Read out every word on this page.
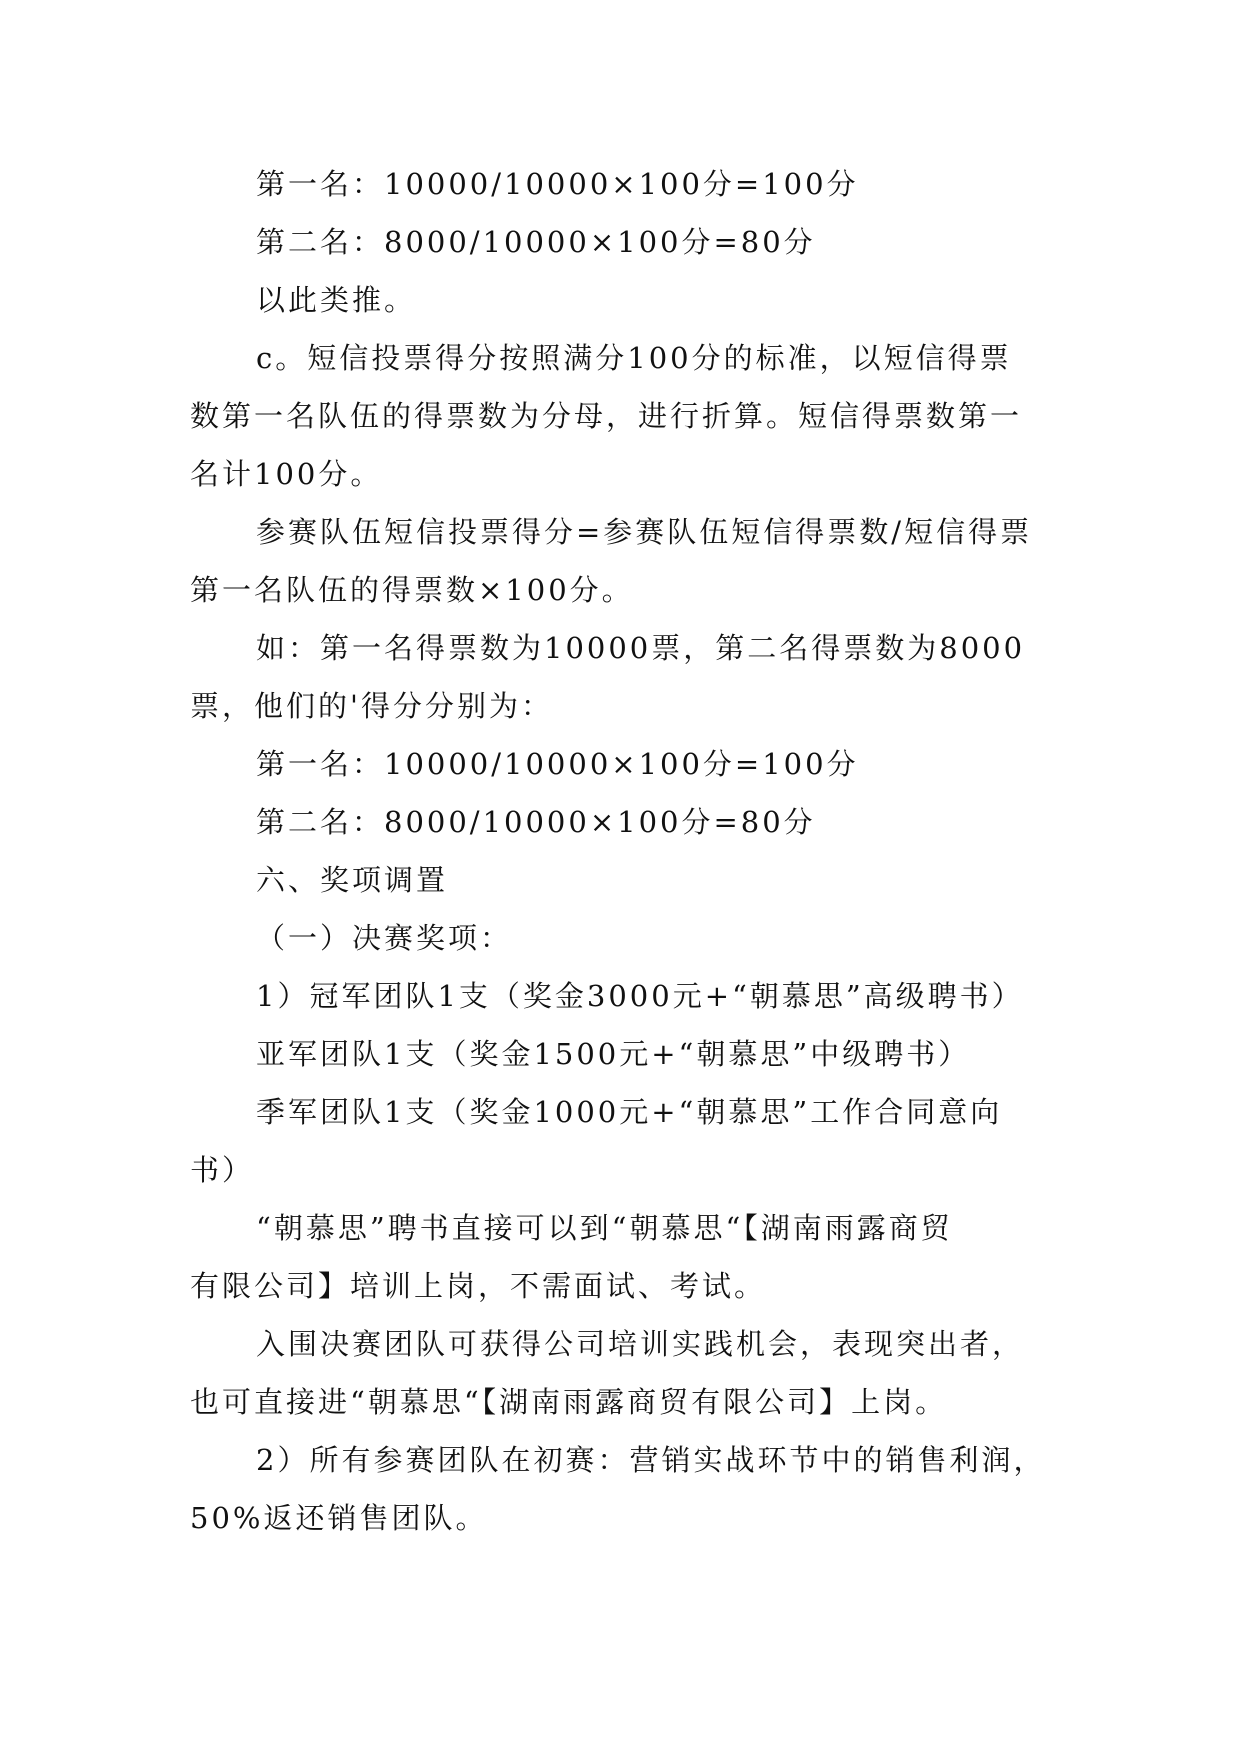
第一名：10000/10000×100分=100分
第二名：8000/10000×100分=80分
以此类推。
c。短信投票得分按照满分100分的标准，以短信得票
数第一名队伍的得票数为分母，进行折算。短信得票数第一
名计100分。
参赛队伍短信投票得分=参赛队伍短信得票数/短信得票
第一名队伍的得票数×100分。
如：第一名得票数为10000票，第二名得票数为8000
票，他们的'得分分别为：
第一名：10000/10000×100分=100分
第二名：8000/10000×100分=80分
六、奖项调置
（一）决赛奖项：
1）冠军团队1支（奖金3000元+“朝慕思”高级聘书）
亚军团队1支（奖金1500元+“朝慕思”中级聘书）
季军团队1支（奖金1000元+“朝慕思”工作合同意向
书）
“朝慕思”聘书直接可以到“朝慕思“【湖南雨露商贸
有限公司】培训上岗，不需面试、考试。
入围决赛团队可获得公司培训实践机会，表现突出者，
也可直接进“朝慕思“【湖南雨露商贸有限公司】上岗。
2）所有参赛团队在初赛：营销实战环节中的销售利润，
50%返还销售团队。
